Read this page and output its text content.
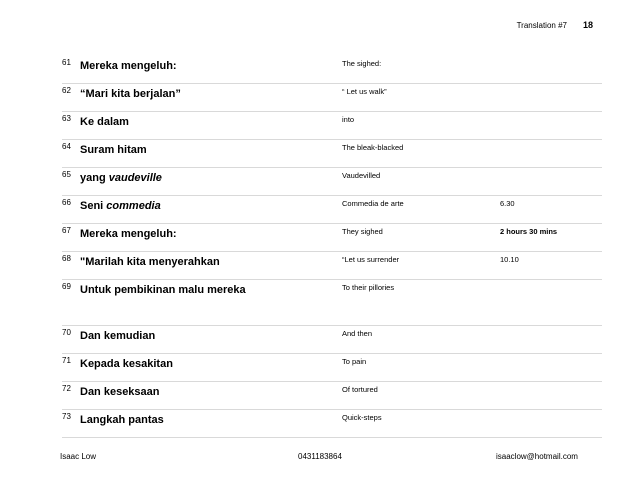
Translation #7 18
61 Mereka mengeluh:	The sighed:
62 “Mari kita berjalan”	“ Let us walk”
63 Ke dalam	into
64 Suram hitam	The bleak-blacked
65 yang vaudeville	Vaudevilled
66 Seni commedia	Commedia de arte	6.30
67 Mereka mengeluh:	They sighed	2 hours 30 mins
68 "Marilah kita menyerahkan	“Let us surrender	10.10
69 Untuk pembikinan malu mereka	To their pillories
70 Dan kemudian	And then
71 Kepada kesakitan	To pain
72 Dan keseksaan	Of tortured
73 Langkah pantas	Quick-steps
Isaac Low	0431183864	isaaclow@hotmail.com
